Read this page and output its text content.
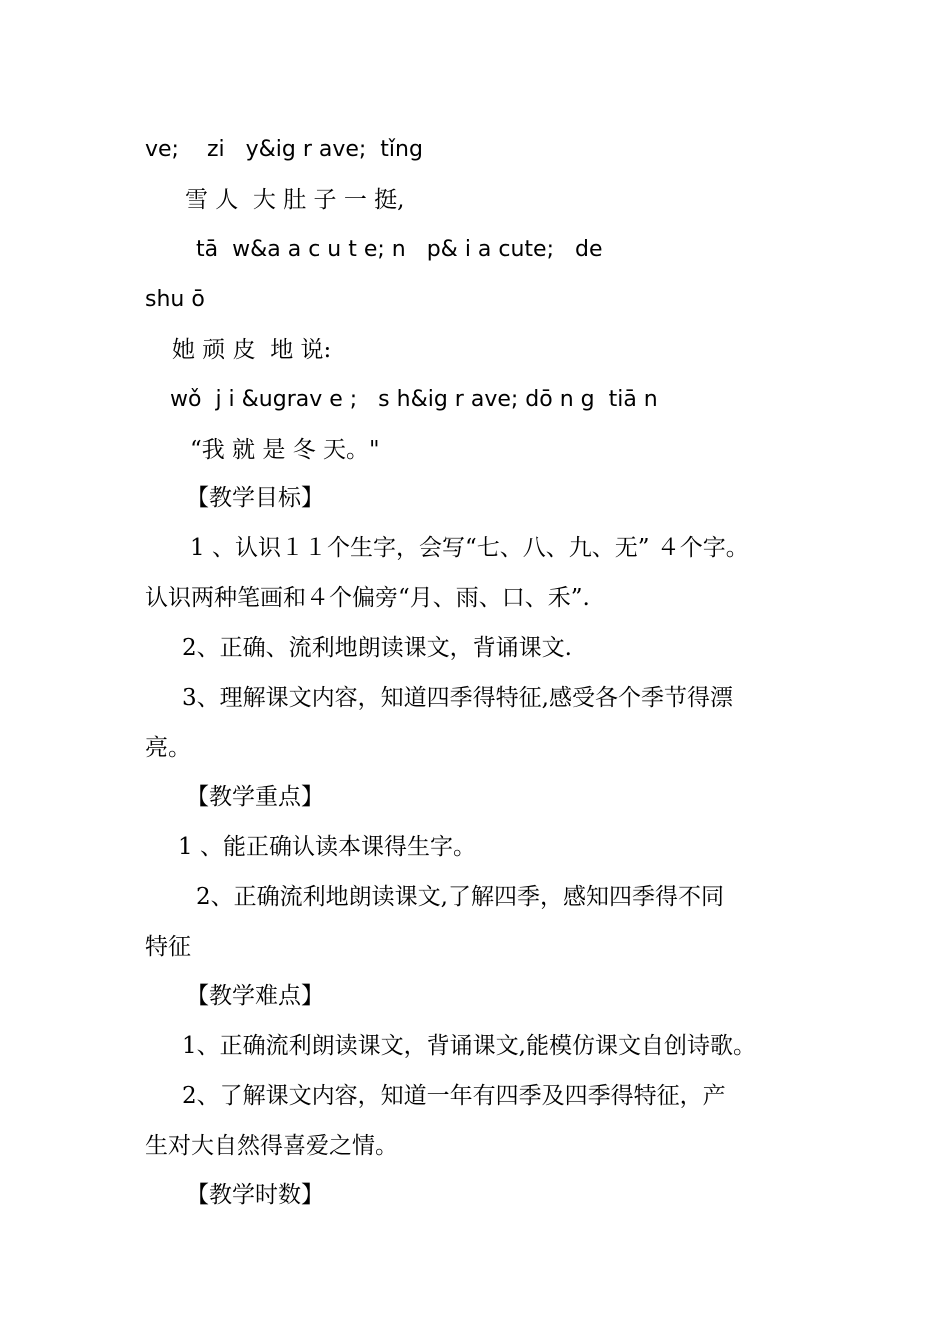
ve;    zi   y&ig r ave;  tǐng
雪 人  大 肚 子 一 挺,
tā  w&a a c u t e; n   p& i a cute;   de
shu ō
她 顽 皮  地 说:
wǒ  j i &ugrav e ;   s h&ig r ave; dō n g  tiā n
“我 就 是 冬 天。"
【教学目标】
1 、认识１１个生字，会写“七、八、九、无” ４个字。
认识两种笔画和４个偏旁“月、雨、口、禾”.
2、正确、流利地朗读课文，背诵课文.
3、理解课文内容，知道四季得特征,感受各个季节得漂
亮。
【教学重点】
1 、能正确认读本课得生字。
2、正确流利地朗读课文,了解四季，感知四季得不同
特征
【教学难点】
1、正确流利朗读课文，背诵课文,能模仿课文自创诗歌。
2、了解课文内容，知道一年有四季及四季得特征，产
生对大自然得喜爱之情。
【教学时数】
